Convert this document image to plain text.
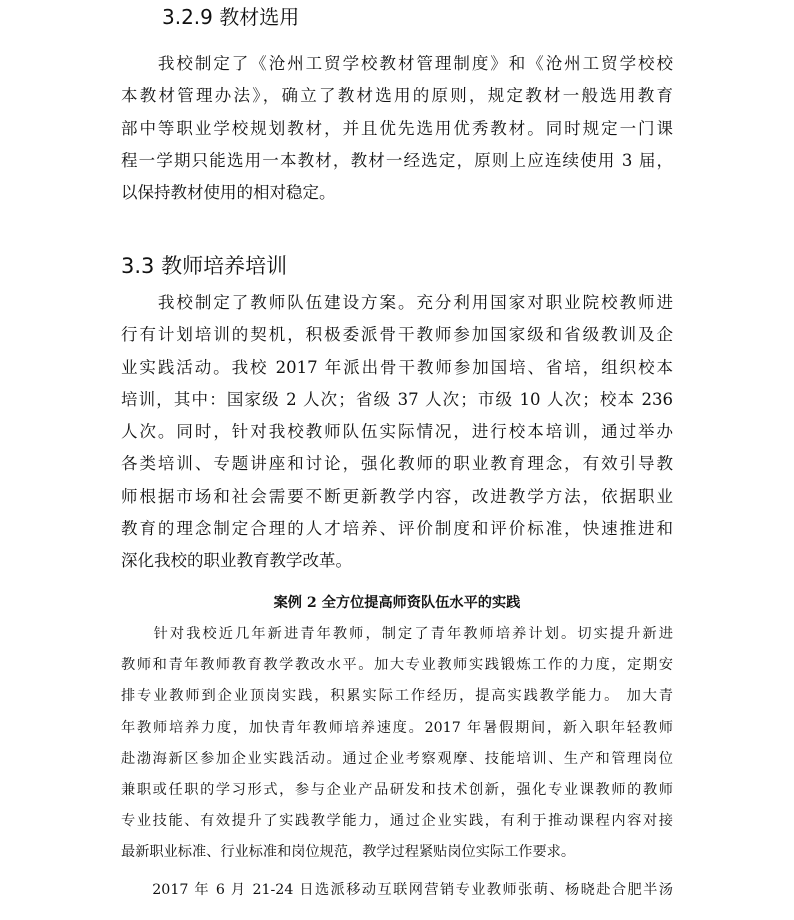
3.2.9 教材选用
　　我校制定了《沧州工贸学校教材管理制度》和《沧州工贸学校校
本教材管理办法》，确立了教材选用的原则，规定教材一般选用教育
部中等职业学校规划教材，并且优先选用优秀教材。同时规定一门课
程一学期只能选用一本教材，教材一经选定，原则上应连续使用 3 届，
以保持教材使用的相对稳定。
3.3 教师培养培训
　　我校制定了教师队伍建设方案。充分利用国家对职业院校教师进
行有计划培训的契机，积极委派骨干教师参加国家级和省级教训及企
业实践活动。我校 2017 年派出骨干教师参加国培、省培，组织校本
培训，其中：国家级 2 人次；省级 37 人次；市级 10 人次；校本 236
人次。同时，针对我校教师队伍实际情况，进行校本培训，通过举办
各类培训、专题讲座和讨论，强化教师的职业教育理念，有效引导教
师根据市场和社会需要不断更新教学内容，改进教学方法，依据职业
教育的理念制定合理的人才培养、评价制度和评价标准，快速推进和
深化我校的职业教育教学改革。
案例 2 全方位提高师资队伍水平的实践
　　针对我校近几年新进青年教师，制定了青年教师培养计划。切实提升新进
教师和青年教师教育教学教改水平。加大专业教师实践锻炼工作的力度，定期安
排专业教师到企业顶岗实践，积累实际工作经历，提高实践教学能力。 加大青
年教师培养力度，加快青年教师培养速度。2017 年暑假期间，新入职年轻教师
赴渤海新区参加企业实践活动。通过企业考察观摩、技能培训、生产和管理岗位
兼职或任职的学习形式，参与企业产品研发和技术创新，强化专业课教师的教师
专业技能、有效提升了实践教学能力，通过企业实践，有利于推动课程内容对接
最新职业标准、行业标准和岗位规范，教学过程紧贴岗位实际工作要求。
　　2017 年 6 月 21-24 日选派移动互联网营销专业教师张萌、杨晓赴合肥半汤
